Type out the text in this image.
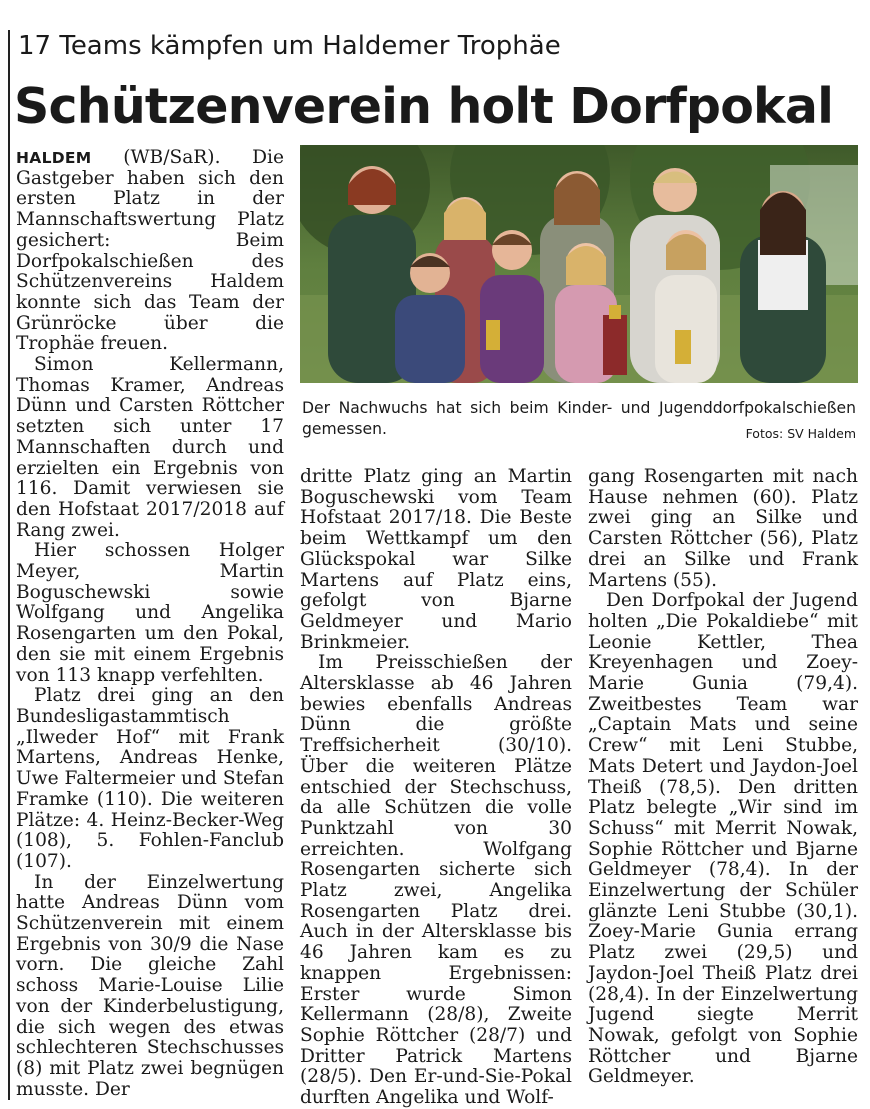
17 Teams kämpfen um Haldemer Trophäe
Schützenverein holt Dorfpokal

HALDEM (WB/SaR). Die Gastgeber haben sich den ersten Platz in der Mannschaftswertung Platz gesichert: Beim Dorfpokalschießen des Schützenvereins Haldem konnte sich das Team der Grünröcke über die Trophäe freuen.

Simon Kellermann, Thomas Kramer, Andreas Dünn und Carsten Röttcher setzten sich unter 17 Mannschaften durch und erzielten ein Ergebnis von 116. Damit verwiesen sie den Hofstaat 2017/2018 auf Rang zwei.

Hier schossen Holger Meyer, Martin Boguschewski sowie Wolfgang und Angelika Rosengarten um den Pokal, den sie mit einem Ergebnis von 113 knapp verfehlten.

Platz drei ging an den Bundesligastammtisch „Ilweder Hof“ mit Frank Martens, Andreas Henke, Uwe Faltermeier und Stefan Framke (110). Die weiteren Plätze: 4. Heinz-Becker-Weg (108), 5. Fohlen-Fanclub (107).

In der Einzelwertung hatte Andreas Dünn vom Schützenverein mit einem Ergebnis von 30/9 die Nase vorn. Die gleiche Zahl schoss Marie-Louise Lilie von der Kinderbelustigung, die sich wegen des etwas schlechteren Stechschusses (8) mit Platz zwei begnügen musste. Der

Der Nachwuchs hat sich beim Kinder- und Jugenddorfpokalschießen gemessen.	Fotos: SV Haldem

dritte Platz ging an Martin Boguschewski vom Team Hofstaat 2017/18. Die Beste beim Wettkampf um den Glückspokal war Silke Martens auf Platz eins, gefolgt von Bjarne Geldmeyer und Mario Brinkmeier.

Im Preisschießen der Altersklasse ab 46 Jahren bewies ebenfalls Andreas Dünn die größte Treffsicherheit (30/10). Über die weiteren Plätze entschied der Stechschuss, da alle Schützen die volle Punktzahl von 30 erreichten. Wolfgang Rosengarten sicherte sich Platz zwei, Angelika Rosengarten Platz drei. Auch in der Altersklasse bis 46 Jahren kam es zu knappen Ergebnissen: Erster wurde Simon Kellermann (28/8), Zweite Sophie Röttcher (28/7) und Dritter Patrick Martens (28/5). Den Er-und-Sie-Pokal durften Angelika und Wolf-

gang Rosengarten mit nach Hause nehmen (60). Platz zwei ging an Silke und Carsten Röttcher (56), Platz drei an Silke und Frank Martens (55).

Den Dorfpokal der Jugend holten „Die Pokaldiebe“ mit Leonie Kettler, Thea Kreyenhagen und Zoey-Marie Gunia (79,4). Zweitbestes Team war „Captain Mats und seine Crew“ mit Leni Stubbe, Mats Detert und Jaydon-Joel Theiß (78,5). Den dritten Platz belegte „Wir sind im Schuss“ mit Merrit Nowak, Sophie Röttcher und Bjarne Geldmeyer (78,4). In der Einzelwertung der Schüler glänzte Leni Stubbe (30,1). Zoey-Marie Gunia errang Platz zwei (29,5) und Jaydon-Joel Theiß Platz drei (28,4). In der Einzelwertung Jugend siegte Merrit Nowak, gefolgt von Sophie Röttcher und Bjarne Geldmeyer.
